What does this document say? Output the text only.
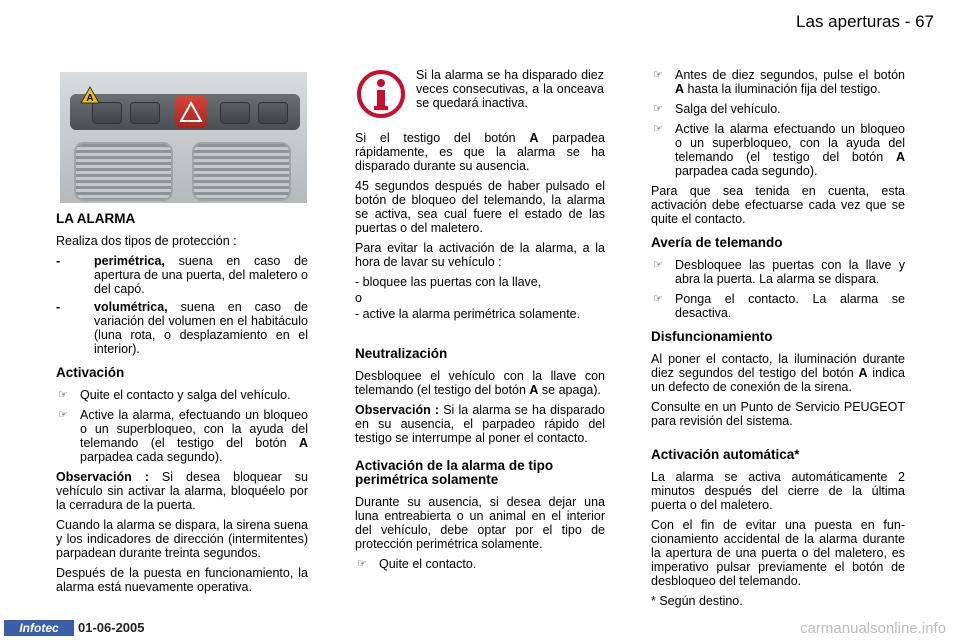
Las aperturas - 67
A
LA ALARMA

Realiza dos tipos de protección :

-	perimétrica, suena en caso de apertura de una puerta, del maletero o del capó.
-	volumétrica, suena en caso de variación del volumen en el habitáculo (luna rota, o desplazamiento en el interior).
Activación
☞ Quite el contacto y salga del vehículo.
☞ Active la alarma, efectuando un bloqueo o un superbloqueo, con la ayuda del telemando (el testigo del botón A parpadea cada segundo).

Observación : Si desea bloquear su vehículo sin activar la alarma, bloquéelo por la cerradura de la puerta.

Cuando la alarma se dispara, la sirena suena y los indicadores de dirección (intermitentes) parpadean durante treinta segundos.

Después de la puesta en funcionamiento, la alarma está nuevamente operativa.

Si la alarma se ha disparado diez veces consecutivas, a la onceava se quedará inactiva.

Si el testigo del botón A parpadea rápidamente, es que la alarma se ha disparado durante su ausencia.

45 segundos después de haber pulsado el botón de bloqueo del telemando, la alarma se activa, sea cual fuere el estado de las puertas o del maletero.

Para evitar la activación de la alarma, a la hora de lavar su vehículo :

- bloquee las puertas con la llave,

o

- active la alarma perimétrica solamente.

Neutralización

Desbloquee el vehículo con la llave con telemando (el testigo del botón A se apaga).

Observación : Si la alarma se ha disparado en su ausencia, el parpadeo rápido del testigo se interrumpe al poner el contacto.

Activación de la alarma de tipo perimétrica solamente

Durante su ausencia, si desea dejar una luna entreabierta o un animal en el interior del vehículo, debe optar por el tipo de protección perimétrica solamente.

☞ Quite el contacto.
☞ Antes de diez segundos, pulse el botón A hasta la iluminación fija del testigo.
☞ Salga del vehículo.
☞ Active la alarma efectuando un bloqueo o un superbloqueo, con la ayuda del telemando (el testigo del botón A parpadea cada segundo).

Para que sea tenida en cuenta, esta activación debe efectuarse cada vez que se quite el contacto.

Avería de telemando
☞ Desbloquee las puertas con la llave y abra la puerta. La alarma se dispara.
☞ Ponga el contacto. La alarma se desactiva.
Disfuncionamiento

Al poner el contacto, la iluminación durante diez segundos del testigo del botón A indica un defecto de conexión de la sirena.

Consulte en un Punto de Servicio PEUGEOT para revisión del sistema.

Activación automática*

La alarma se activa automáticamente 2 minutos después del cierre de la última puerta o del maletero.

Con el fin de evitar una puesta en funcionamiento accidental de la alarma durante la apertura de una puerta o del maletero, es imperativo pulsar previamente el botón de desbloqueo del telemando.

* Según destino.

Infotec	01-06-2005	carmanualsonline.info
